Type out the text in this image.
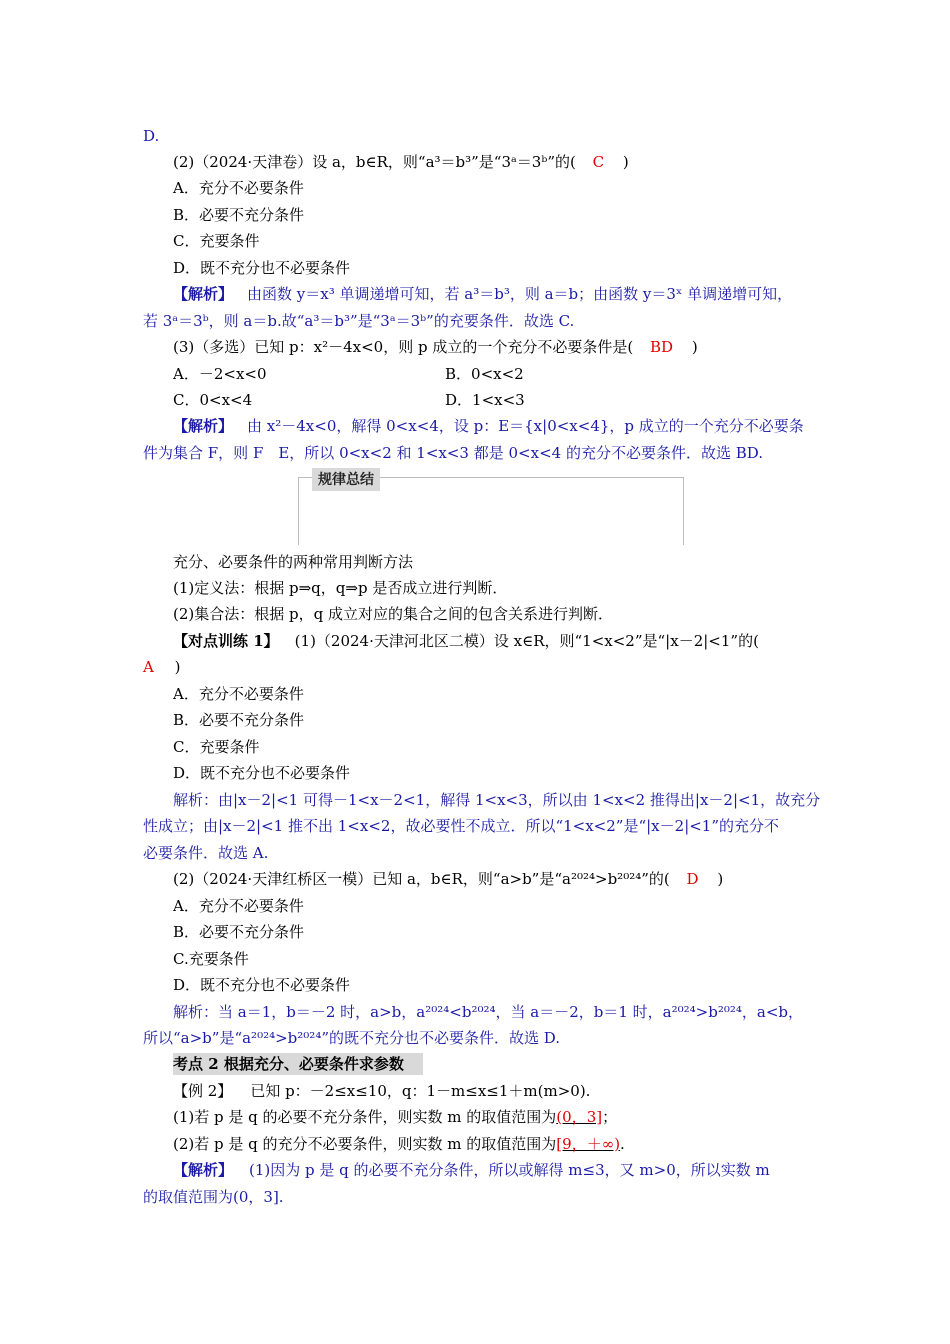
D.
(2)（2024·天津卷）设 a，b∈R，则“a³＝b³”是“3ᵃ＝3ᵇ”的( C )
A．充分不必要条件
B．必要不充分条件
C．充要条件
D．既不充分也不必要条件
【解析】 由函数 y＝x³ 单调递增可知，若 a³＝b³，则 a＝b；由函数 y＝3ˣ 单调递增可知，
若 3ᵃ＝3ᵇ，则 a＝b.故“a³＝b³”是“3ᵃ＝3ᵇ”的充要条件．故选 C.
(3)（多选）已知 p：x²－4x<0，则 p 成立的一个充分不必要条件是( BD )
A．－2<x<0	B．0<x<2
C．0<x<4	D．1<x<3
【解析】 由 x²－4x<0，解得 0<x<4，设 p：E＝{x|0<x<4}，p 成立的一个充分不必要条
件为集合 F，则 F　E，所以 0<x<2 和 1<x<3 都是 0<x<4 的充分不必要条件．故选 BD.
规律总结
充分、必要条件的两种常用判断方法
(1)定义法：根据 p⇒q，q⇒p 是否成立进行判断．
(2)集合法：根据 p，q 成立对应的集合之间的包含关系进行判断．
【对点训练 1】 (1)（2024·天津河北区二模）设 x∈R，则“1<x<2”是“|x－2|<1”的(
A )
A．充分不必要条件
B．必要不充分条件
C．充要条件
D．既不充分也不必要条件
解析：由|x－2|<1 可得－1<x－2<1，解得 1<x<3，所以由 1<x<2 推得出|x－2|<1，故充分
性成立；由|x－2|<1 推不出 1<x<2，故必要性不成立．所以“1<x<2”是“|x－2|<1”的充分不
必要条件．故选 A.
(2)（2024·天津红桥区一模）已知 a，b∈R，则“a>b”是“a²⁰²⁴>b²⁰²⁴”的( D )
A．充分不必要条件
B．必要不充分条件
C.充要条件
D．既不充分也不必要条件
解析：当 a＝1，b＝－2 时，a>b，a²⁰²⁴<b²⁰²⁴，当 a＝－2，b＝1 时，a²⁰²⁴>b²⁰²⁴，a<b，
所以“a>b”是“a²⁰²⁴>b²⁰²⁴”的既不充分也不必要条件．故选 D.
考点 2 根据充分、必要条件求参数
【例 2】 已知 p：－2≤x≤10，q：1－m≤x≤1＋m(m>0).
(1)若 p 是 q 的必要不充分条件，则实数 m 的取值范围为(0，3]；
(2)若 p 是 q 的充分不必要条件，则实数 m 的取值范围为[9，＋∞).
【解析】 (1)因为 p 是 q 的必要不充分条件，所以或解得 m≤3，又 m>0，所以实数 m
的取值范围为(0，3].
